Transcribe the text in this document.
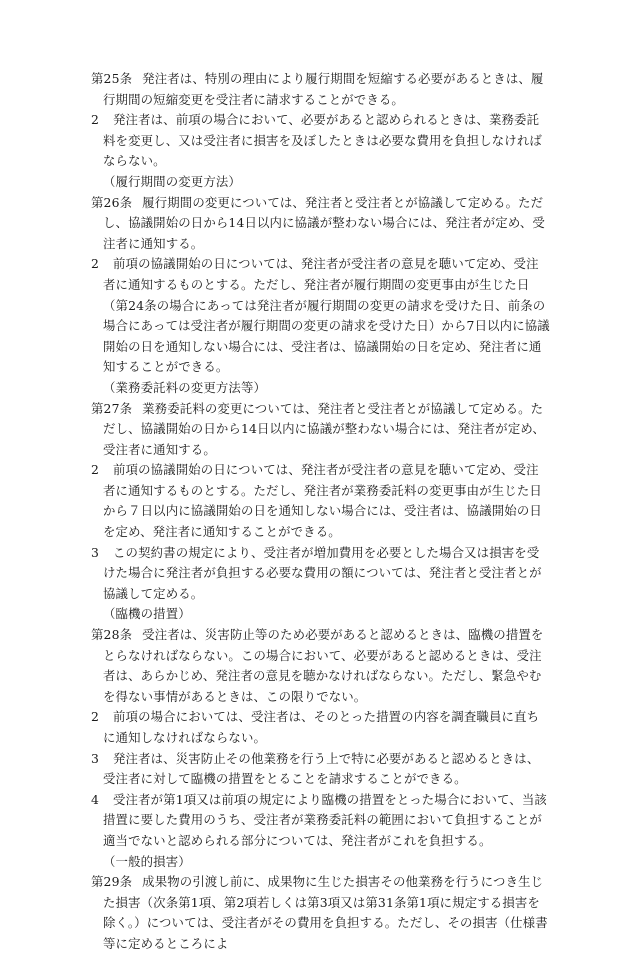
第25条 発注者は、特別の理由により履行期間を短縮する必要があるときは、履行期間の短縮変更を受注者に請求することができる。
2 発注者は、前項の場合において、必要があると認められるときは、業務委託料を変更し、又は受注者に損害を及ぼしたときは必要な費用を負担しなければならない。
（履行期間の変更方法）
第26条 履行期間の変更については、発注者と受注者とが協議して定める。ただし、協議開始の日から14日以内に協議が整わない場合には、発注者が定め、受注者に通知する。
2 前項の協議開始の日については、発注者が受注者の意見を聴いて定め、受注者に通知するものとする。ただし、発注者が履行期間の変更事由が生じた日（第24条の場合にあっては発注者が履行期間の変更の請求を受けた日、前条の場合にあっては受注者が履行期間の変更の請求を受けた日）から7日以内に協議開始の日を通知しない場合には、受注者は、協議開始の日を定め、発注者に通知することができる。
（業務委託料の変更方法等）
第27条 業務委託料の変更については、発注者と受注者とが協議して定める。ただし、協議開始の日から14日以内に協議が整わない場合には、発注者が定め、受注者に通知する。
2 前項の協議開始の日については、発注者が受注者の意見を聴いて定め、受注者に通知するものとする。ただし、発注者が業務委託料の変更事由が生じた日から７日以内に協議開始の日を通知しない場合には、受注者は、協議開始の日を定め、発注者に通知することができる。
3 この契約書の規定により、受注者が増加費用を必要とした場合又は損害を受けた場合に発注者が負担する必要な費用の額については、発注者と受注者とが協議して定める。
（臨機の措置）
第28条 受注者は、災害防止等のため必要があると認めるときは、臨機の措置をとらなければならない。この場合において、必要があると認めるときは、受注者は、あらかじめ、発注者の意見を聴かなければならない。ただし、緊急やむを得ない事情があるときは、この限りでない。
2 前項の場合においては、受注者は、そのとった措置の内容を調査職員に直ちに通知しなければならない。
3 発注者は、災害防止その他業務を行う上で特に必要があると認めるときは、受注者に対して臨機の措置をとることを請求することができる。
4 受注者が第1項又は前項の規定により臨機の措置をとった場合において、当該措置に要した費用のうち、受注者が業務委託料の範囲において負担することが適当でないと認められる部分については、発注者がこれを負担する。
（一般的損害）
第29条 成果物の引渡し前に、成果物に生じた損害その他業務を行うにつき生じた損害（次条第1項、第2項若しくは第3項又は第31条第1項に規定する損害を除く。）については、受注者がその費用を負担する。ただし、その損害（仕様書等に定めるところによ
